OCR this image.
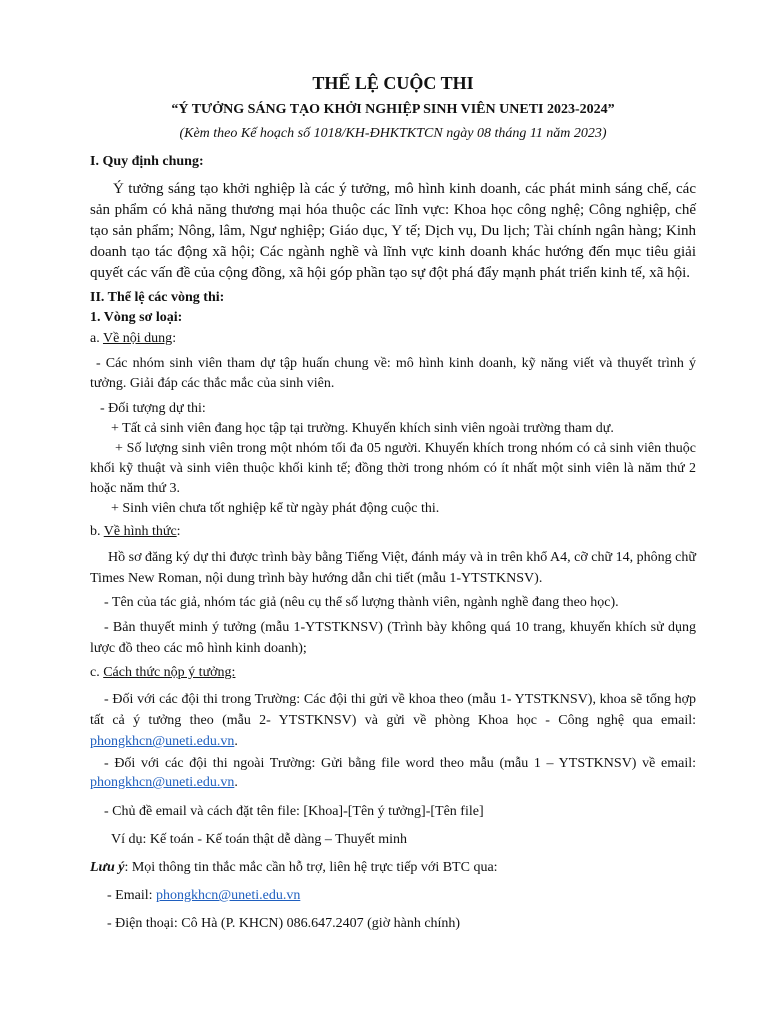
THỂ LỆ CUỘC THI
“Ý TƯỞNG SÁNG TẠO KHỞI NGHIỆP SINH VIÊN UNETI 2023-2024”
(Kèm theo Kế hoạch số 1018/KH-ĐHKTKTCN ngày 08 tháng 11 năm 2023)
I. Quy định chung:
Ý tưởng sáng tạo khởi nghiệp là các ý tưởng, mô hình kinh doanh, các phát minh sáng chế, các sản phẩm có khả năng thương mại hóa thuộc các lĩnh vực: Khoa học công nghệ; Công nghiệp, chế tạo sản phẩm; Nông, lâm, Ngư nghiệp; Giáo dục, Y tế; Dịch vụ, Du lịch; Tài chính ngân hàng; Kinh doanh tạo tác động xã hội; Các ngành nghề và lĩnh vực kinh doanh khác hướng đến mục tiêu giải quyết các vấn đề của cộng đồng, xã hội góp phần tạo sự đột phá đẩy mạnh phát triển kinh tế, xã hội.
II. Thể lệ các vòng thi:
1. Vòng sơ loại:
a. Về nội dung:
- Các nhóm sinh viên tham dự tập huấn chung về: mô hình kinh doanh, kỹ năng viết và thuyết trình ý tưởng. Giải đáp các thắc mắc của sinh viên.
- Đối tượng dự thi:
+ Tất cả sinh viên đang học tập tại trường. Khuyến khích sinh viên ngoài trường tham dự.
+ Số lượng sinh viên trong một nhóm tối đa 05 người. Khuyến khích trong nhóm có cả sinh viên thuộc khối kỹ thuật và sinh viên thuộc khối kinh tế; đồng thời trong nhóm có ít nhất một sinh viên là năm thứ 2 hoặc năm thứ 3.
+ Sinh viên chưa tốt nghiệp kể từ ngày phát động cuộc thi.
b. Về hình thức:
Hồ sơ đăng ký dự thi được trình bày bằng Tiếng Việt, đánh máy và in trên khổ A4, cỡ chữ 14, phông chữ Times New Roman, nội dung trình bày hướng dẫn chi tiết (mẫu 1-YTSTKNSV).
- Tên của tác giả, nhóm tác giả (nêu cụ thể số lượng thành viên, ngành nghề đang theo học).
- Bản thuyết minh ý tưởng (mẫu 1-YTSTKNSV) (Trình bày không quá 10 trang, khuyến khích sử dụng lược đồ theo các mô hình kinh doanh);
c. Cách thức nộp ý tưởng:
- Đối với các đội thi trong Trường: Các đội thi gửi về khoa theo (mẫu 1- YTSTKNSV), khoa sẽ tổng hợp tất cả ý tưởng theo (mẫu 2- YTSTKNSV) và gửi về phòng Khoa học - Công nghệ qua email: phongkhcn@uneti.edu.vn.
- Đối với các đội thi ngoài Trường: Gửi bằng file word theo mẫu (mẫu 1 – YTSTKNSV) về email: phongkhcn@uneti.edu.vn.
- Chủ đề email và cách đặt tên file: [Khoa]-[Tên ý tưởng]-[Tên file]
Ví dụ: Kế toán - Kế toán thật dễ dàng – Thuyết minh
Lưu ý: Mọi thông tin thắc mắc cần hỗ trợ, liên hệ trực tiếp với BTC qua:
- Email: phongkhcn@uneti.edu.vn
- Điện thoại: Cô Hà (P. KHCN) 086.647.2407 (giờ hành chính)
